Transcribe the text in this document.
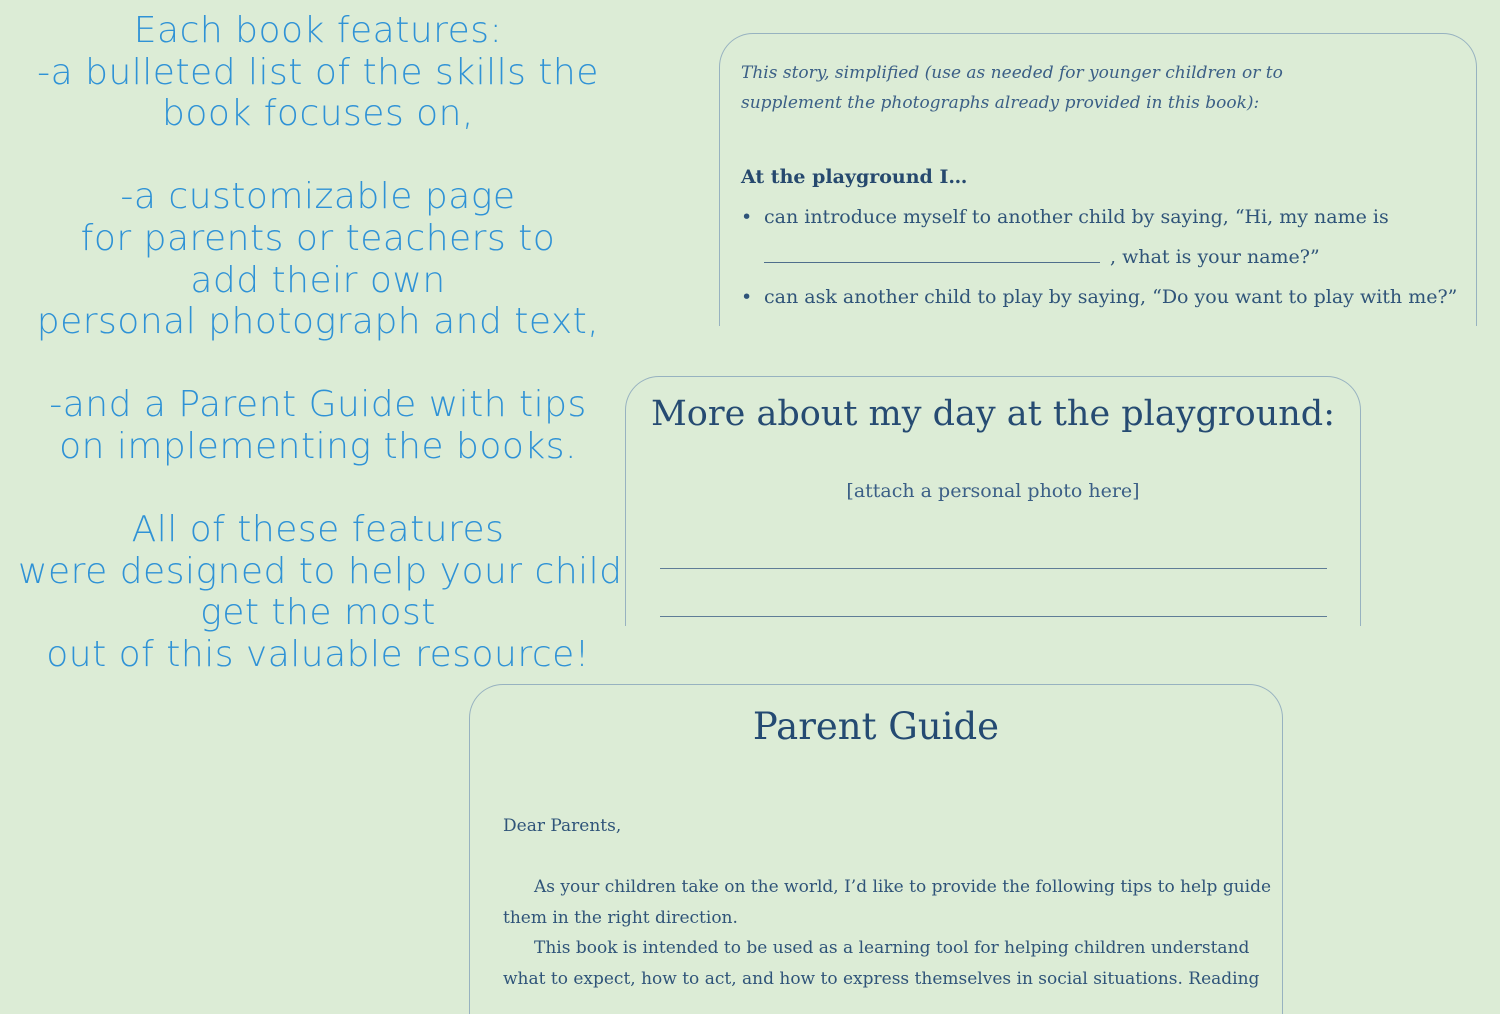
Each book features:
-a bulleted list of the skills the
book focuses on,
-a customizable page
for parents or teachers to
add their own
personal photograph and text,
-and a Parent Guide with tips
on implementing the books.
All of these features
were designed to help your child
get the most
out of this valuable resource!
This story, simplified (use as needed for younger children or to
supplement the photographs already provided in this book):
At the playground I…
• can introduce myself to another child by saying, “Hi, my name is
, what is your name?”
• can ask another child to play by saying, “Do you want to play with me?”
More about my day at the playground:
[attach a personal photo here]
Parent Guide

Dear Parents,

As your children take on the world, I’d like to provide the following tips to help guide

them in the right direction.

This book is intended to be used as a learning tool for helping children understand

what to expect, how to act, and how to express themselves in social situations. Reading
